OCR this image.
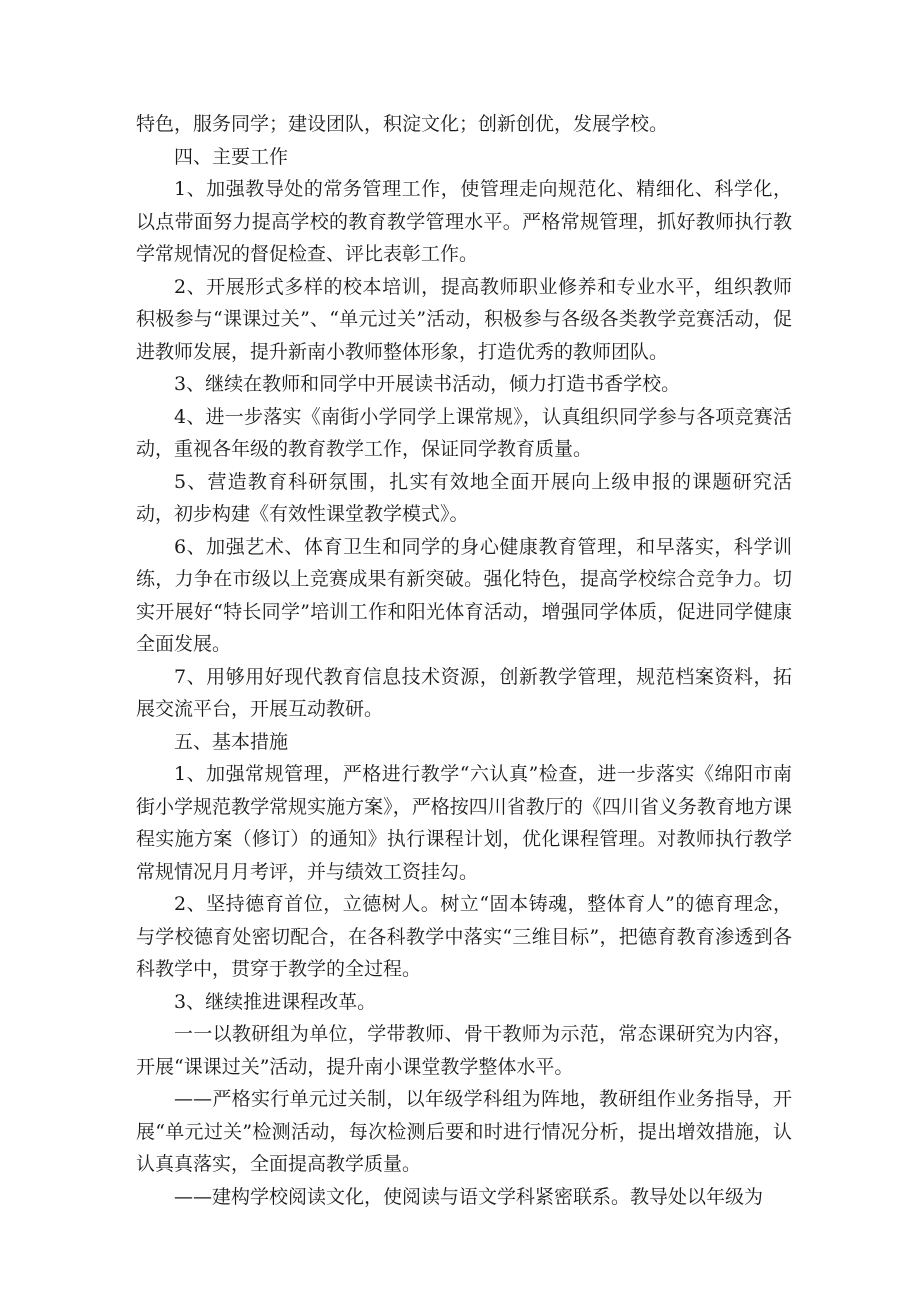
特色，服务同学；建设团队，积淀文化；创新创优，发展学校。

四、主要工作

1、加强教导处的常务管理工作，使管理走向规范化、精细化、科学化，以点带面努力提高学校的教育教学管理水平。严格常规管理，抓好教师执行教学常规情况的督促检查、评比表彰工作。

2、开展形式多样的校本培训，提高教师职业修养和专业水平，组织教师积极参与“课课过关”、“单元过关”活动，积极参与各级各类教学竞赛活动，促进教师发展，提升新南小教师整体形象，打造优秀的教师团队。

3、继续在教师和同学中开展读书活动，倾力打造书香学校。

4、进一步落实《南街小学同学上课常规》，认真组织同学参与各项竞赛活动，重视各年级的教育教学工作，保证同学教育质量。

5、营造教育科研氛围，扎实有效地全面开展向上级申报的课题研究活动，初步构建《有效性课堂教学模式》。

6、加强艺术、体育卫生和同学的身心健康教育管理，和早落实，科学训练，力争在市级以上竞赛成果有新突破。强化特色，提高学校综合竞争力。切实开展好“特长同学”培训工作和阳光体育活动，增强同学体质，促进同学健康全面发展。

7、用够用好现代教育信息技术资源，创新教学管理，规范档案资料，拓展交流平台，开展互动教研。

五、基本措施

1、加强常规管理，严格进行教学“六认真”检查，进一步落实《绵阳市南街小学规范教学常规实施方案》，严格按四川省教厅的《四川省义务教育地方课程实施方案（修订）的通知》执行课程计划，优化课程管理。对教师执行教学常规情况月月考评，并与绩效工资挂勾。

2、坚持德育首位，立德树人。树立“固本铸魂，整体育人”的德育理念，与学校德育处密切配合，在各科教学中落实“三维目标”，把德育教育渗透到各科教学中，贯穿于教学的全过程。

3、继续推进课程改革。

一一以教研组为单位，学带教师、骨干教师为示范，常态课研究为内容，开展“课课过关”活动，提升南小课堂教学整体水平。

——严格实行单元过关制，以年级学科组为阵地，教研组作业务指导，开展“单元过关”检测活动，每次检测后要和时进行情况分析，提出增效措施，认认真真落实，全面提高教学质量。

——建构学校阅读文化，使阅读与语文学科紧密联系。教导处以年级为
